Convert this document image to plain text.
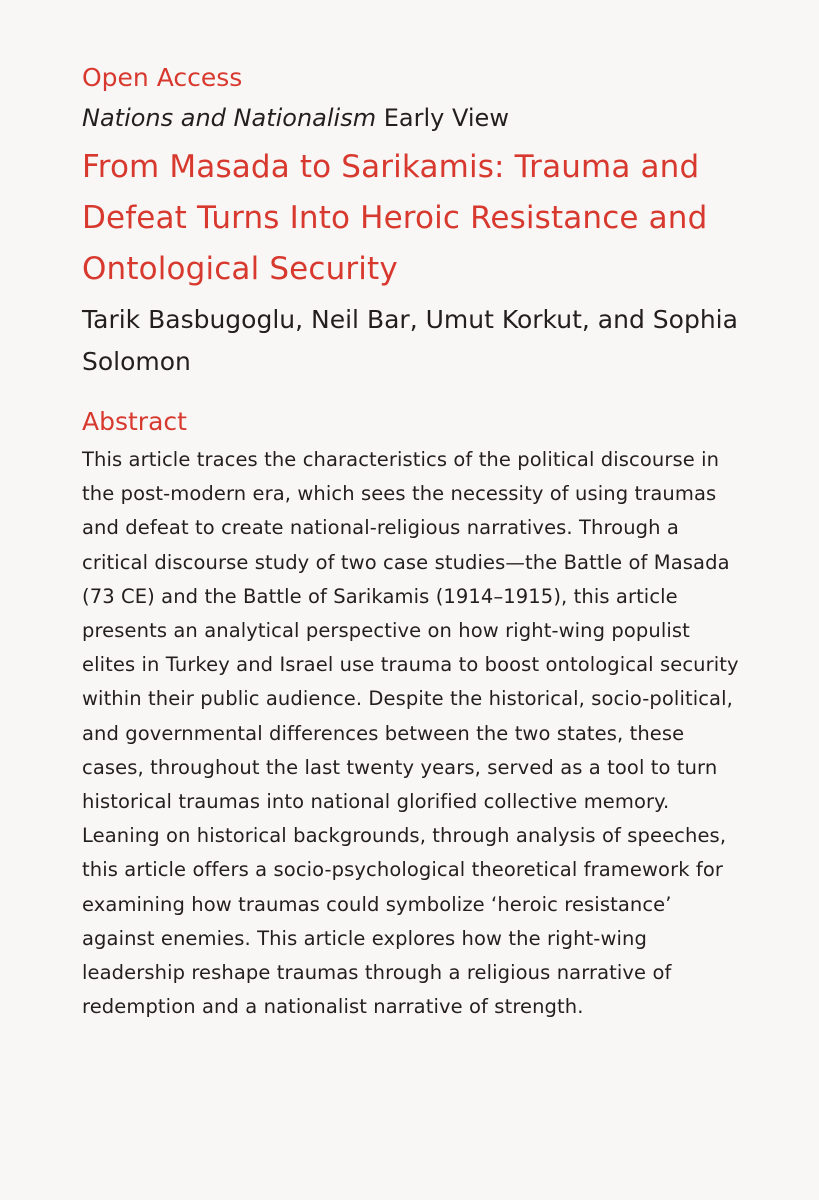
Open Access

Nations and Nationalism Early View

From Masada to Sarikamis: Trauma and Defeat Turns Into Heroic Resistance and Ontological Security

Tarik Basbugoglu, Neil Bar, Umut Korkut, and Sophia Solomon

Abstract

This article traces the characteristics of the political discourse in the post-modern era, which sees the necessity of using traumas and defeat to create national-religious narratives. Through a critical discourse study of two case studies—the Battle of Masada (73 CE) and the Battle of Sarikamis (1914–1915), this article presents an analytical perspective on how right-wing populist elites in Turkey and Israel use trauma to boost ontological security within their public audience. Despite the historical, socio-political, and governmental differences between the two states, these cases, throughout the last twenty years, served as a tool to turn historical traumas into national glorified collective memory. Leaning on historical backgrounds, through analysis of speeches, this article offers a socio-psychological theoretical framework for examining how traumas could symbolize ‘heroic resistance’ against enemies. This article explores how the right-wing leadership reshape traumas through a religious narrative of redemption and a nationalist narrative of strength.
